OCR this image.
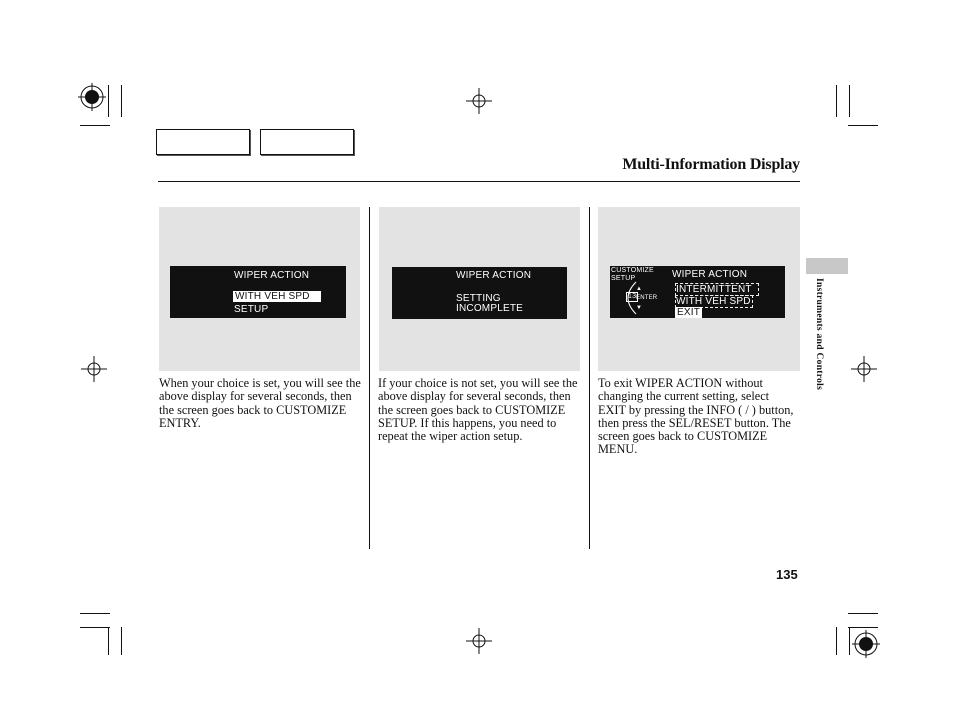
Multi-Information Display
WIPER ACTION
WITH VEH SPD
SETUP
When your choice is set, you will see the above display for several seconds, then the screen goes back to CUSTOMIZE ENTRY.
WIPER ACTION
SETTING
INCOMPLETE
If your choice is not set, you will see the above display for several seconds, then the screen goes back to CUSTOMIZE SETUP. If this happens, you need to repeat the wiper action setup.
CUSTOMIZE
SETUP
▲
ENTER
▼
13
WIPER ACTION
INTERMITTENT
WITH VEH SPD
EXIT
To exit WIPER ACTION without changing the current setting, select EXIT by pressing the INFO ( / ) button, then press the SEL/RESET button. The screen goes back to CUSTOMIZE MENU.
Instruments and Controls
135
